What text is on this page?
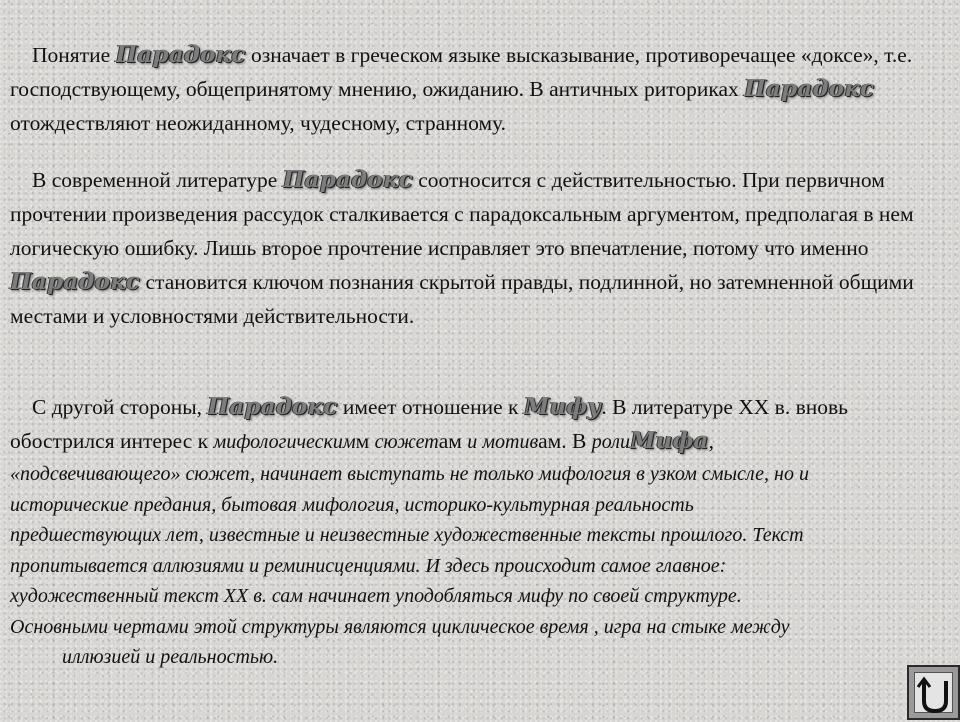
Понятие Парадокс означает в греческом языке высказывание, противоречащее «доксе», т.е. господствующему, общепринятому мнению, ожиданию. В античных риториках Парадокс отождествляют неожиданному, чудесному, странному.
В современной литературе Парадокс соотносится с действительностью. При первичном прочтении произведения рассудок сталкивается с парадоксальным аргументом, предполагая в нем логическую ошибку. Лишь второе прочтение исправляет это впечатление, потому что именно Парадокс становится ключом познания скрытой правды, подлинной, но затемненной общими местами и условностями действительности.
С другой стороны, Парадокс имеет отношение к Мифу. В литературе XX в. вновь обострился интерес к мифологическимм сюжетам и мотивам. В ролиМифа,
«подсвечивающего» сюжет, начинает выступать не только мифология в узком смысле, но и
исторические предания, бытовая мифология, историко-культурная реальность
предшествующих лет, известные и неизвестные художественные тексты прошлого. Текст
пропитывается аллюзиями и реминисценциями. И здесь происходит самое главное:
художественный текст XX в. сам начинает уподобляться мифу по своей структуре.
Основными чертами этой структуры являются циклическое время , игра на стыке между
иллюзией и реальностью.
